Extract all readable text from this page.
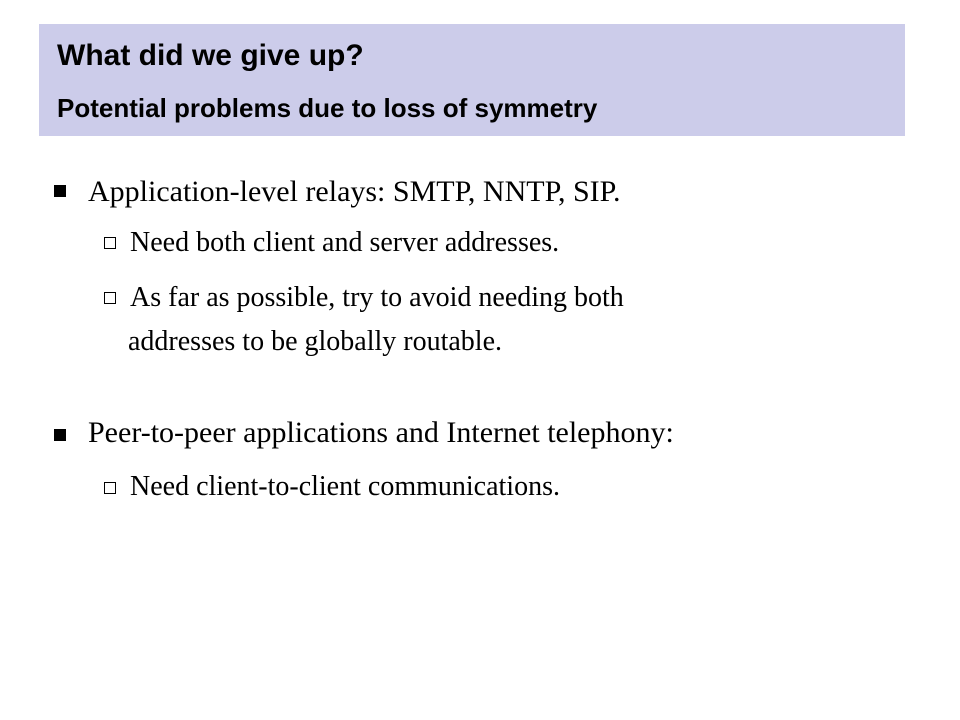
What did we give up?
Potential problems due to loss of symmetry
Application-level relays: SMTP, NNTP, SIP.
Need both client and server addresses.
As far as possible, try to avoid needing both
addresses to be globally routable.
Peer-to-peer applications and Internet telephony:
Need client-to-client communications.
